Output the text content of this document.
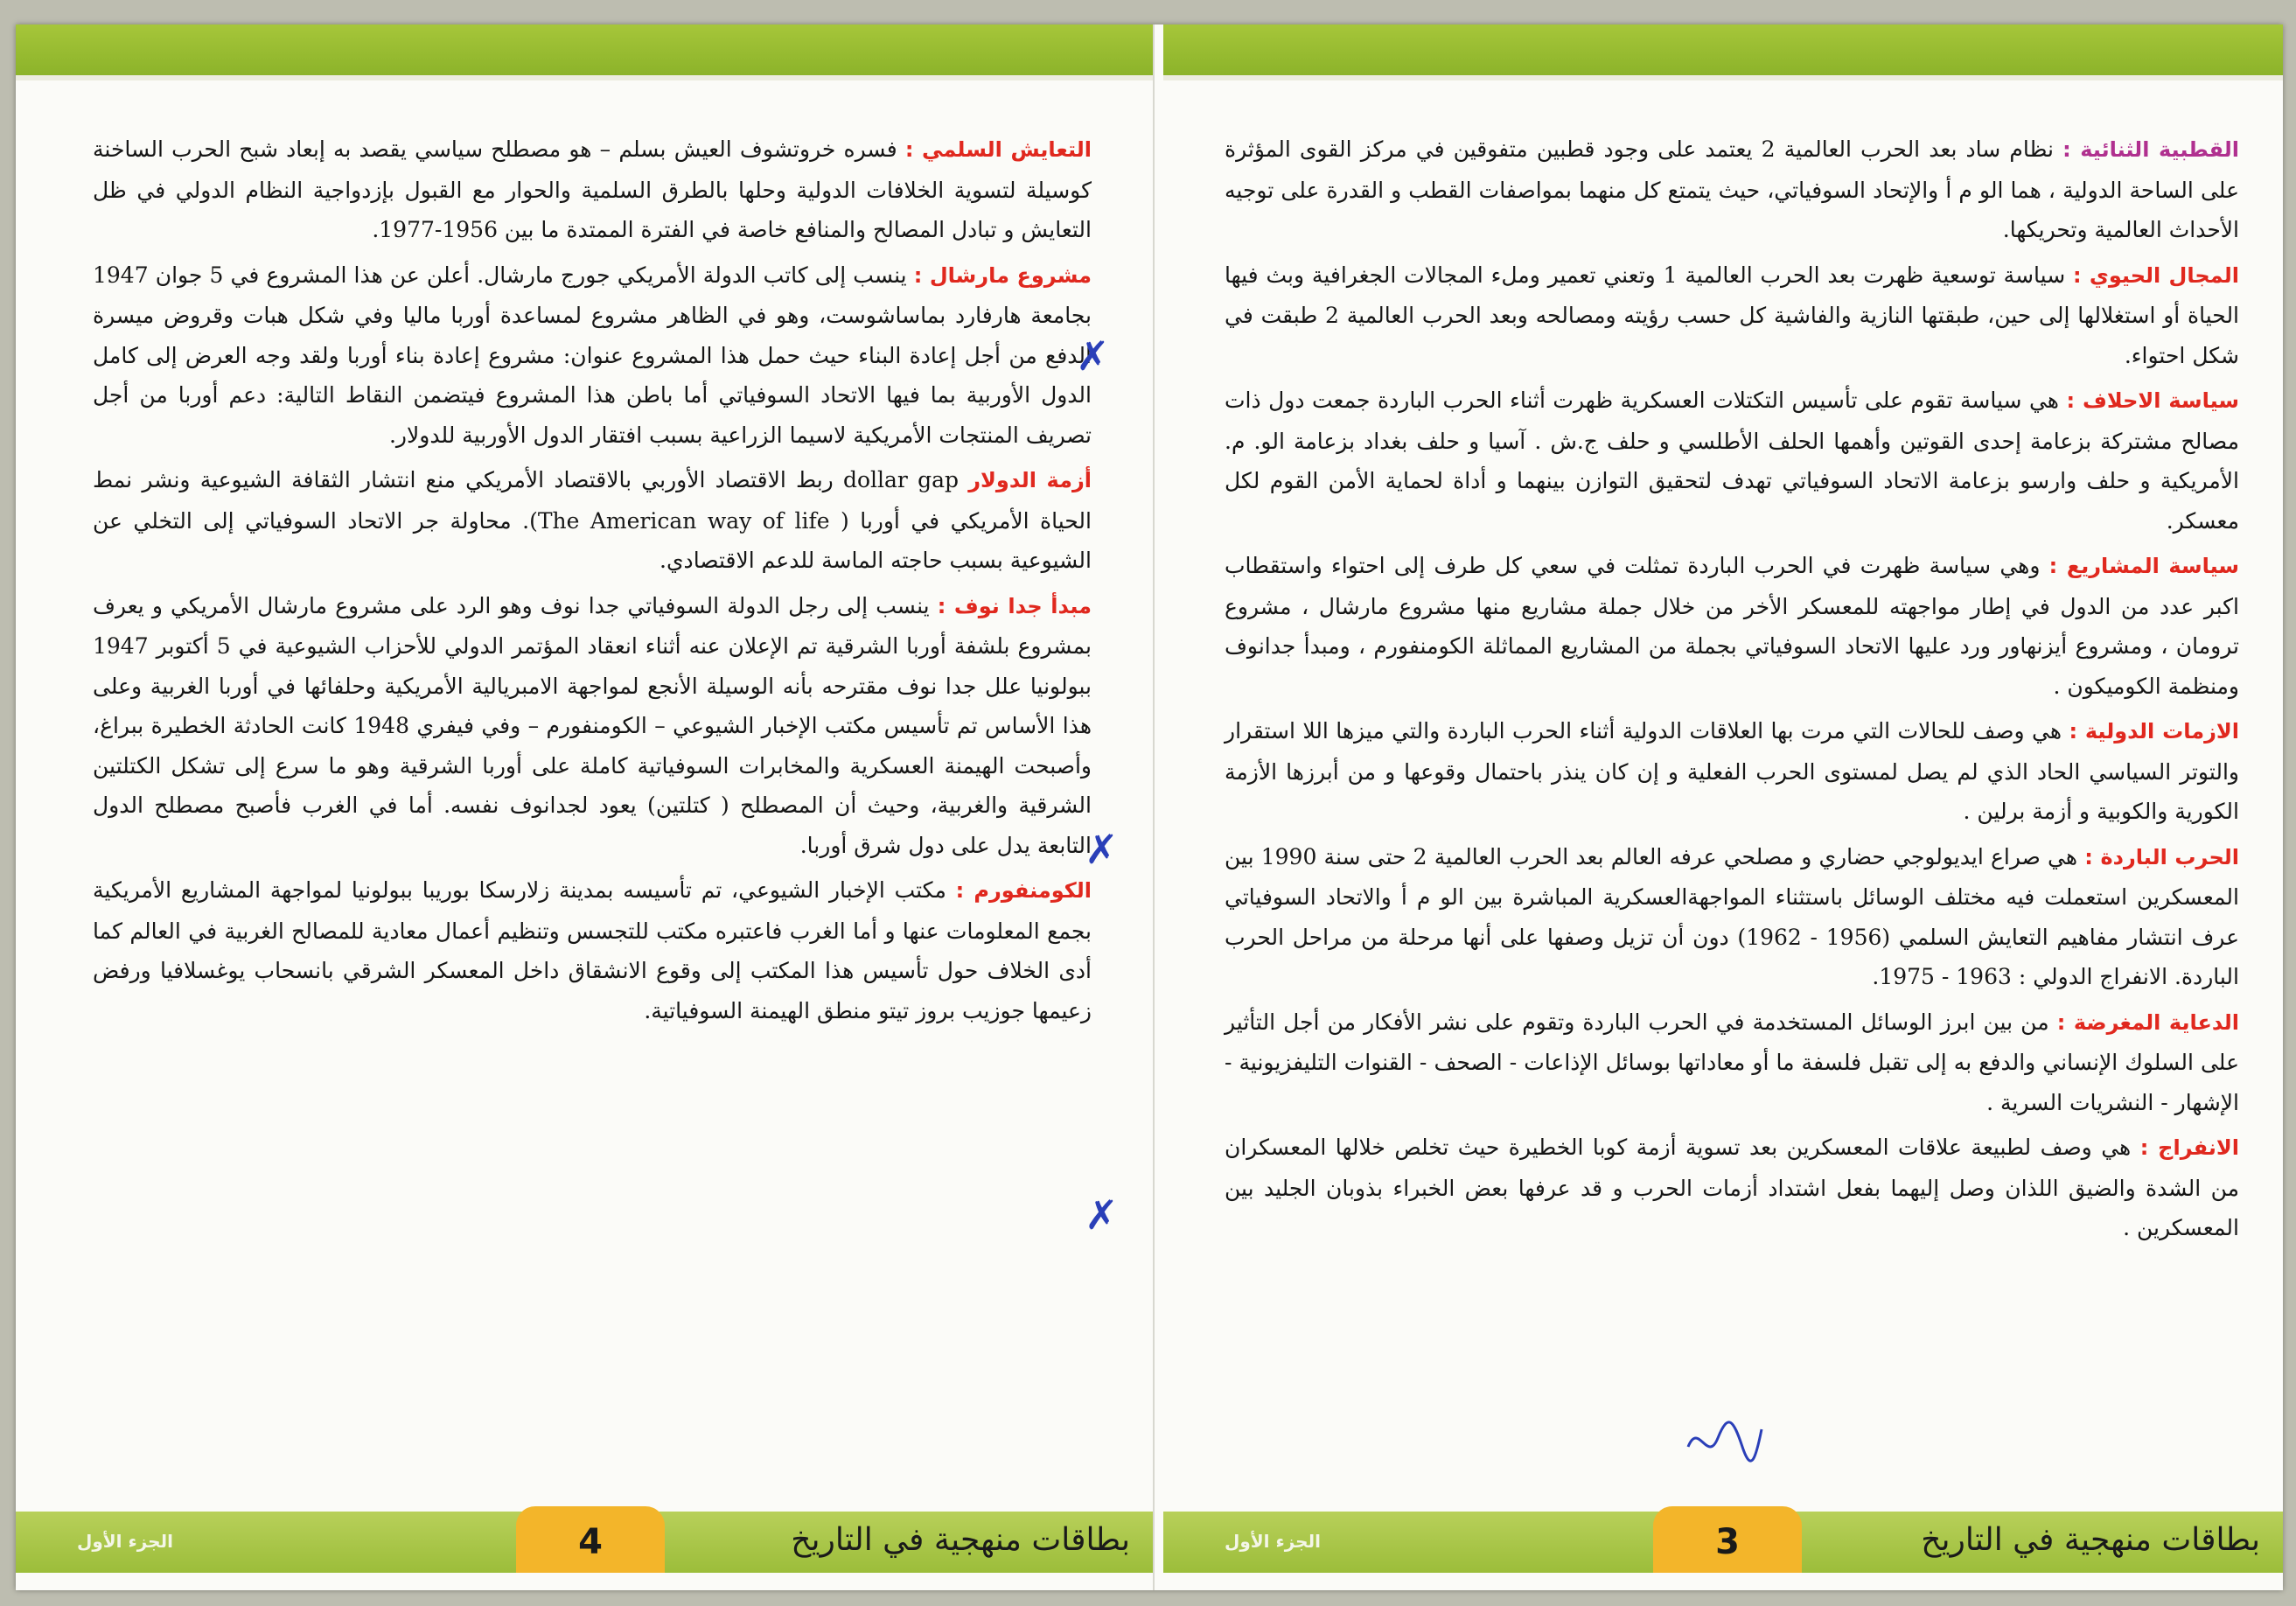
التعايش السلمي : فسره خروتشوف العيش بسلم – هو مصطلح سياسي يقصد به إبعاد شبح الحرب الساخنة كوسيلة لتسوية الخلافات الدولية وحلها بالطرق السلمية والحوار مع القبول بإزدواجية النظام الدولي في ظل التعايش و تبادل المصالح والمنافع خاصة في الفترة الممتدة ما بين 1956-1977.

مشروع مارشال : ينسب إلى كاتب الدولة الأمريكي جورج مارشال. أعلن عن هذا المشروع في 5 جوان 1947 بجامعة هارفارد بماساشوست، وهو في الظاهر مشروع لمساعدة أوربا ماليا وفي شكل هبات وقروض ميسرة الدفع من أجل إعادة البناء حيث حمل هذا المشروع عنوان: مشروع إعادة بناء أوربا ولقد وجه العرض إلى كامل الدول الأوربية بما فيها الاتحاد السوفياتي أما باطن هذا المشروع فيتضمن النقاط التالية: دعم أوربا من أجل تصريف المنتجات الأمريكية لاسيما الزراعية بسبب افتقار الدول الأوربية للدولار.

أزمة الدولار dollar gap ربط الاقتصاد الأوربي بالاقتصاد الأمريكي منع انتشار الثقافة الشيوعية ونشر نمط الحياة الأمريكي في أوربا ( The American way of life). محاولة جر الاتحاد السوفياتي إلى التخلي عن الشيوعية بسبب حاجته الماسة للدعم الاقتصادي.

مبدأ جدا نوف : ينسب إلى رجل الدولة السوفياتي جدا نوف وهو الرد على مشروع مارشال الأمريكي و يعرف بمشروع بلشفة أوربا الشرقية تم الإعلان عنه أثناء انعقاد المؤتمر الدولي للأحزاب الشيوعية في 5 أكتوبر 1947 ببولونيا علل جدا نوف مقترحه بأنه الوسيلة الأنجع لمواجهة الامبريالية الأمريكية وحلفائها في أوربا الغربية وعلى هذا الأساس تم تأسيس مكتب الإخبار الشيوعي – الكومنفورم – وفي فيفري 1948 كانت الحادثة الخطيرة ببراغ، وأصبحت الهيمنة العسكرية والمخابرات السوفياتية كاملة على أوربا الشرقية وهو ما سرع إلى تشكل الكتلتين الشرقية والغربية، وحيث أن المصطلح ( كتلتين) يعود لجدانوف نفسه. أما في الغرب فأصبح مصطلح الدول التابعة يدل على دول شرق أوربا.

الكومنفورم : مكتب الإخبار الشيوعي، تم تأسيسه بمدينة زلارسكا بوريبا ببولونيا لمواجهة المشاريع الأمريكية بجمع المعلومات عنها و أما الغرب فاعتبره مكتب للتجسس وتنظيم أعمال معادية للمصالح الغربية في العالم كما أدى الخلاف حول تأسيس هذا المكتب إلى وقوع الانشقاق داخل المعسكر الشرقي بانسحاب يوغسلافيا ورفض زعيمها جوزيب بروز تيتو منطق الهيمنة السوفياتية.

✗
✗
✗
4	بطاقات منهجية في التاريخ
الجزء الأول

القطبية الثنائية : نظام ساد بعد الحرب العالمية 2 يعتمد على وجود قطبين متفوقين في مركز القوى المؤثرة على الساحة الدولية ، هما الو م أ والإتحاد السوفياتي، حيث يتمتع كل منهما بمواصفات القطب و القدرة على توجيه الأحداث العالمية وتحريكها.

المجال الحيوي : سياسة توسعية ظهرت بعد الحرب العالمية 1 وتعني تعمير وملء المجالات الجغرافية وبث فيها الحياة أو استغلالها إلى حين، طبقتها النازية والفاشية كل حسب رؤيته ومصالحه وبعد الحرب العالمية 2 طبقت في شكل احتواء.

سياسة الاحلاف : هي سياسة تقوم على تأسيس التكتلات العسكرية ظهرت أثناء الحرب الباردة جمعت دول ذات مصالح مشتركة بزعامة إحدى القوتين وأهمها الحلف الأطلسي و حلف ج.ش . آسيا و حلف بغداد بزعامة الو. م. الأمريكية و حلف وارسو بزعامة الاتحاد السوفياتي تهدف لتحقيق التوازن بينهما و أداة لحماية الأمن القوم لكل معسكر.

سياسة المشاريع : وهي سياسة ظهرت في الحرب الباردة تمثلت في سعي كل طرف إلى احتواء واستقطاب اكبر عدد من الدول في إطار مواجهته للمعسكر الأخر من خلال جملة مشاريع منها مشروع مارشال ، مشروع ترومان ، ومشروع أيزنهاور ورد عليها الاتحاد السوفياتي بجملة من المشاريع المماثلة الكومنفورم ، ومبدأ جدانوف ومنظمة الكوميكون .

الازمات الدولية : هي وصف للحالات التي مرت بها العلاقات الدولية أثناء الحرب الباردة والتي ميزها اللا استقرار والتوتر السياسي الحاد الذي لم يصل لمستوى الحرب الفعلية و إن كان ينذر باحتمال وقوعها و من أبرزها الأزمة الكورية والكوبية و أزمة برلين .

الحرب الباردة : هي صراع ايديولوجي حضاري و مصلحي عرفه العالم بعد الحرب العالمية 2 حتى سنة 1990 بين المعسكرين استعملت فيه مختلف الوسائل باستثناء المواجهةالعسكرية المباشرة بين الو م أ والاتحاد السوفياتي عرف انتشار مفاهيم التعايش السلمي (1956 - 1962) دون أن تزيل وصفها على أنها مرحلة من مراحل الحرب الباردة. الانفراج الدولي : 1963 - 1975.

الدعاية المغرضة : من بين ابرز الوسائل المستخدمة في الحرب الباردة وتقوم على نشر الأفكار من أجل التأثير على السلوك الإنساني والدفع به إلى تقبل فلسفة ما أو معاداتها بوسائل الإذاعات - الصحف - القنوات التليفزيونية - الإشهار - النشريات السرية .

الانفراج : هي وصف لطبيعة علاقات المعسكرين بعد تسوية أزمة كوبا الخطيرة حيث تخلص خلالها المعسكران من الشدة والضيق اللذان وصل إليهما بفعل اشتداد أزمات الحرب و قد عرفها بعض الخبراء بذوبان الجليد بين المعسكرين .

3	بطاقات منهجية في التاريخ
الجزء الأول
